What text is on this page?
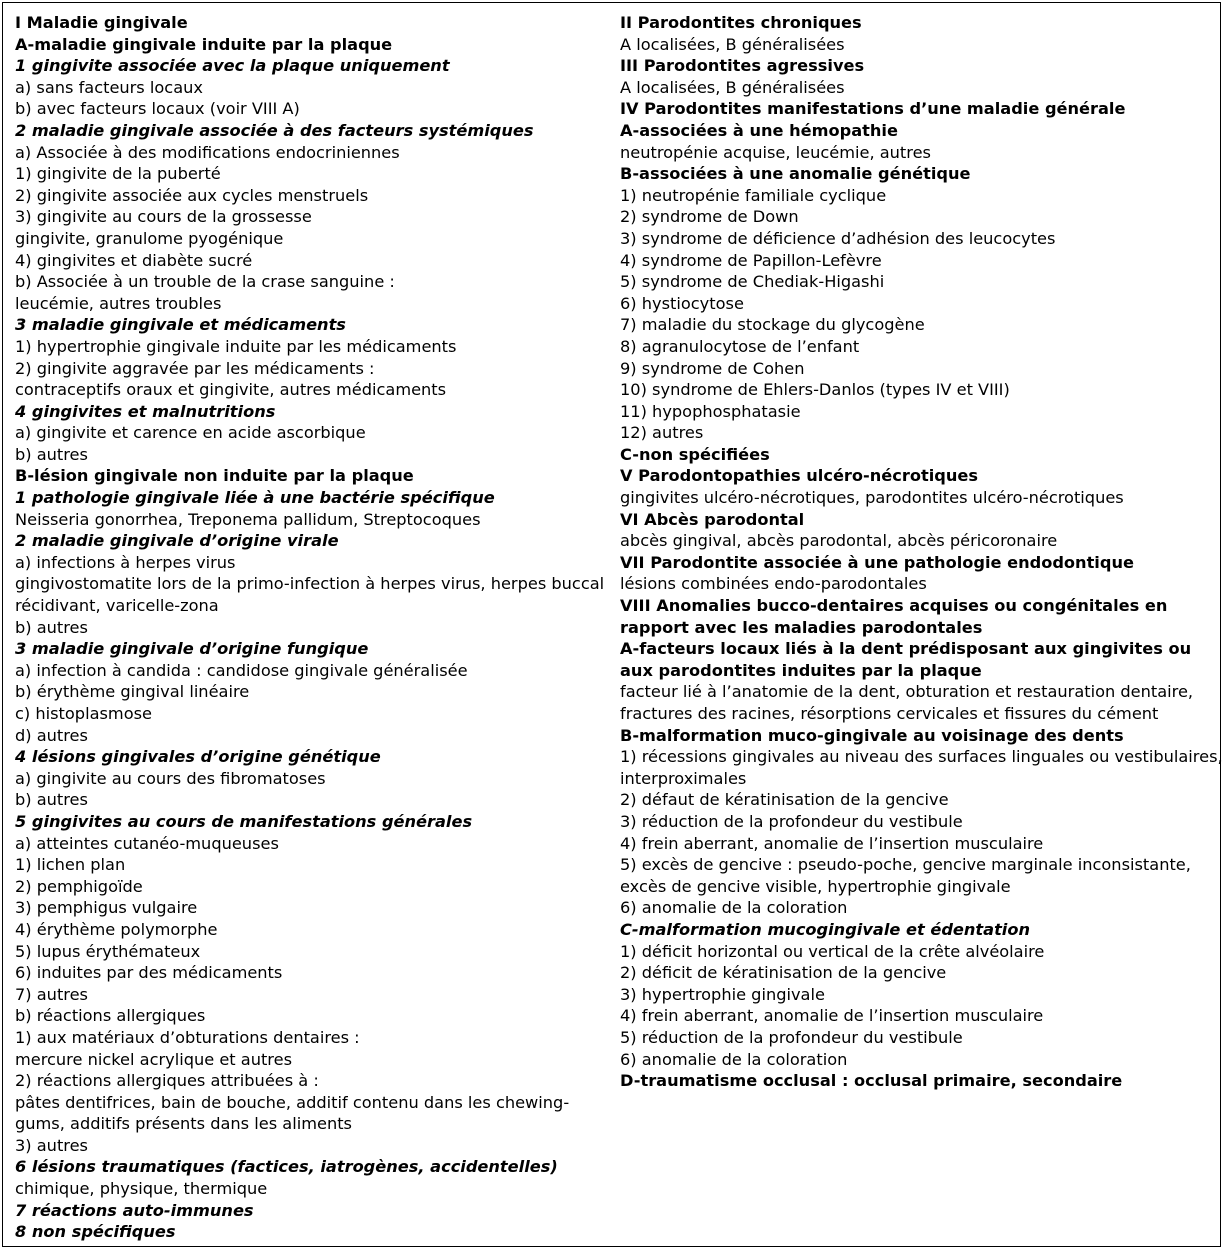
I Maladie gingivale
A-maladie gingivale induite par la plaque
1 gingivite associée avec la plaque uniquement
a) sans facteurs locaux
b) avec facteurs locaux (voir VIII A)
2 maladie gingivale associée à des facteurs systémiques
a) Associée à des modifications endocriniennes
1) gingivite de la puberté
2) gingivite associée aux cycles menstruels
3) gingivite au cours de la grossesse
gingivite, granulome pyogénique
4) gingivites et diabète sucré
b) Associée à un trouble de la crase sanguine :
leucémie, autres troubles
3 maladie gingivale et médicaments
1) hypertrophie gingivale induite par les médicaments
2) gingivite aggravée par les médicaments :
contraceptifs oraux et gingivite, autres médicaments
4 gingivites et malnutritions
a) gingivite et carence en acide ascorbique
b) autres
B-lésion gingivale non induite par la plaque
1 pathologie gingivale liée à une bactérie spécifique
Neisseria gonorrhea, Treponema pallidum, Streptocoques
2 maladie gingivale d’origine virale
a) infections à herpes virus
gingivostomatite lors de la primo-infection à herpes virus, herpes buccal
récidivant, varicelle-zona
b) autres
3 maladie gingivale d’origine fungique
a) infection à candida : candidose gingivale généralisée
b) érythème gingival linéaire
c) histoplasmose
d) autres
4 lésions gingivales d’origine génétique
a) gingivite au cours des fibromatoses
b) autres
5 gingivites au cours de manifestations générales
a) atteintes cutanéo-muqueuses
1) lichen plan
2) pemphigoïde
3) pemphigus vulgaire
4) érythème polymorphe
5) lupus érythémateux
6) induites par des médicaments
7) autres
b) réactions allergiques
1) aux matériaux d’obturations dentaires :
mercure nickel acrylique et autres
2) réactions allergiques attribuées à :
pâtes dentifrices, bain de bouche, additif contenu dans les chewing-
gums, additifs présents dans les aliments
3) autres
6 lésions traumatiques (factices, iatrogènes, accidentelles)
chimique, physique, thermique
7 réactions auto-immunes
8 non spécifiques
II Parodontites chroniques
A localisées, B généralisées
III Parodontites agressives
A localisées, B généralisées
IV Parodontites manifestations d’une maladie générale
A-associées à une hémopathie
neutropénie acquise, leucémie, autres
B-associées à une anomalie génétique
1) neutropénie familiale cyclique
2) syndrome de Down
3) syndrome de déficience d’adhésion des leucocytes
4) syndrome de Papillon-Lefèvre
5) syndrome de Chediak-Higashi
6) hystiocytose
7) maladie du stockage du glycogène
8) agranulocytose de l’enfant
9) syndrome de Cohen
10) syndrome de Ehlers-Danlos (types IV et VIII)
11) hypophosphatasie
12) autres
C-non spécifiées
V Parodontopathies ulcéro-nécrotiques
gingivites ulcéro-nécrotiques, parodontites ulcéro-nécrotiques
VI Abcès parodontal
abcès gingival, abcès parodontal, abcès péricoronaire
VII Parodontite associée à une pathologie endodontique
lésions combinées endo-parodontales
VIII Anomalies bucco-dentaires acquises ou congénitales en
rapport avec les maladies parodontales
A-facteurs locaux liés à la dent prédisposant aux gingivites ou
aux parodontites induites par la plaque
facteur lié à l’anatomie de la dent, obturation et restauration dentaire,
fractures des racines, résorptions cervicales et fissures du cément
B-malformation muco-gingivale au voisinage des dents
1) récessions gingivales au niveau des surfaces linguales ou vestibulaires,
interproximales
2) défaut de kératinisation de la gencive
3) réduction de la profondeur du vestibule
4) frein aberrant, anomalie de l’insertion musculaire
5) excès de gencive : pseudo-poche, gencive marginale inconsistante,
excès de gencive visible, hypertrophie gingivale
6) anomalie de la coloration
C-malformation mucogingivale et édentation
1) déficit horizontal ou vertical de la crête alvéolaire
2) déficit de kératinisation de la gencive
3) hypertrophie gingivale
4) frein aberrant, anomalie de l’insertion musculaire
5) réduction de la profondeur du vestibule
6) anomalie de la coloration
D-traumatisme occlusal : occlusal primaire, secondaire
